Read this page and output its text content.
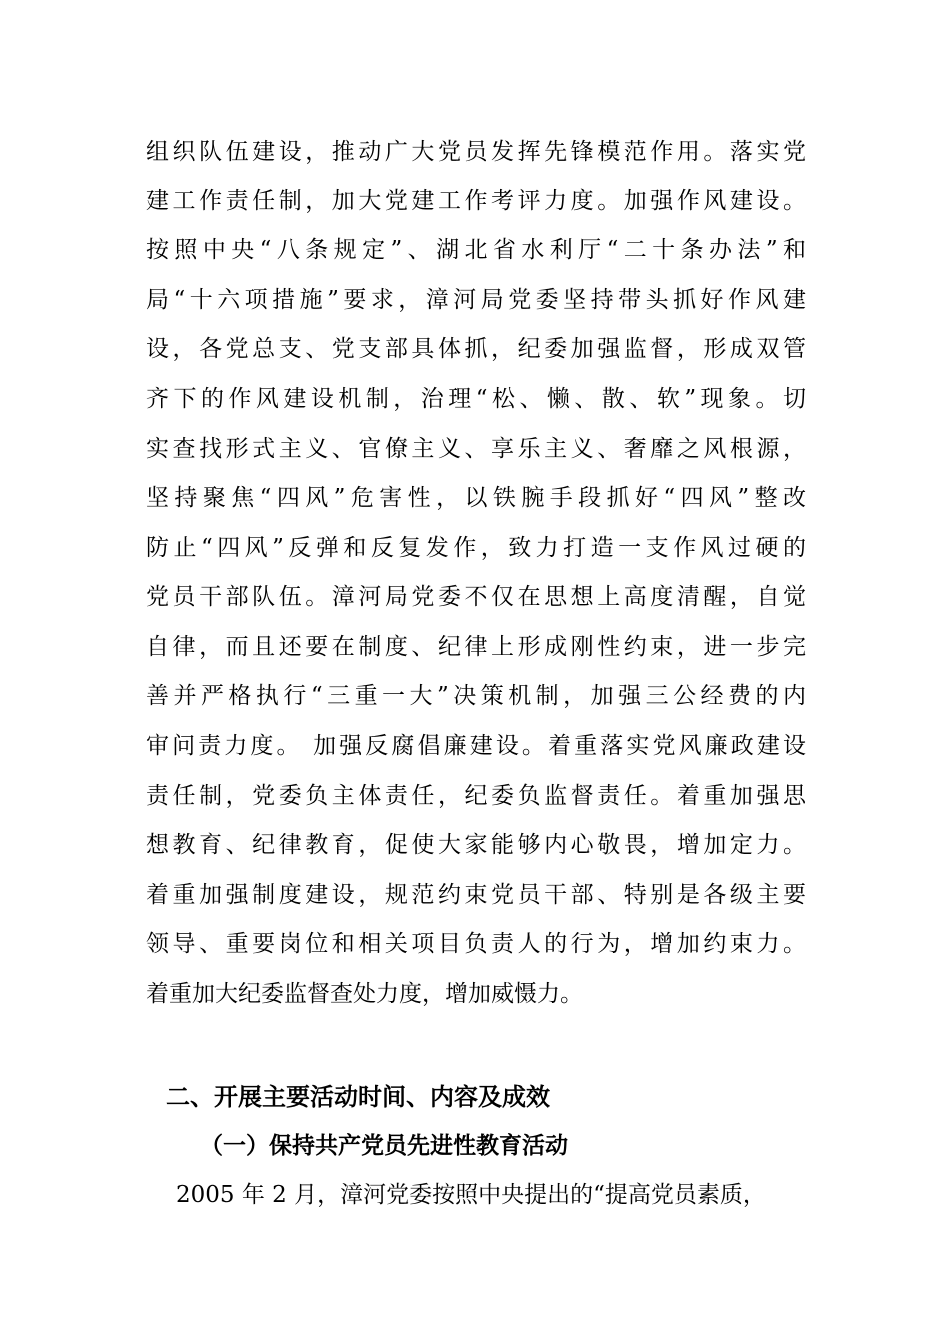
组织队伍建设，推动广大党员发挥先锋模范作用。落实党
建工作责任制，加大党建工作考评力度。加强作风建设。
按照中央“八条规定”、湖北省水利厅“二十条办法”和
局“十六项措施”要求，漳河局党委坚持带头抓好作风建
设，各党总支、党支部具体抓，纪委加强监督，形成双管
齐下的作风建设机制，治理“松、懒、散、软”现象。切
实查找形式主义、官僚主义、享乐主义、奢靡之风根源，
坚持聚焦“四风”危害性，以铁腕手段抓好“四风”整改
防止“四风”反弹和反复发作，致力打造一支作风过硬的
党员干部队伍。漳河局党委不仅在思想上高度清醒，自觉
自律，而且还要在制度、纪律上形成刚性约束，进一步完
善并严格执行“三重一大”决策机制，加强三公经费的内
审问责力度。 加强反腐倡廉建设。着重落实党风廉政建设
责任制，党委负主体责任，纪委负监督责任。着重加强思
想教育、纪律教育，促使大家能够内心敬畏，增加定力。
着重加强制度建设，规范约束党员干部、特别是各级主要
领导、重要岗位和相关项目负责人的行为，增加约束力。
着重加大纪委监督查处力度，增加威慑力。
二、开展主要活动时间、内容及成效
（一）保持共产党员先进性教育活动
2005 年 2 月，漳河党委按照中央提出的“提高党员素质，
